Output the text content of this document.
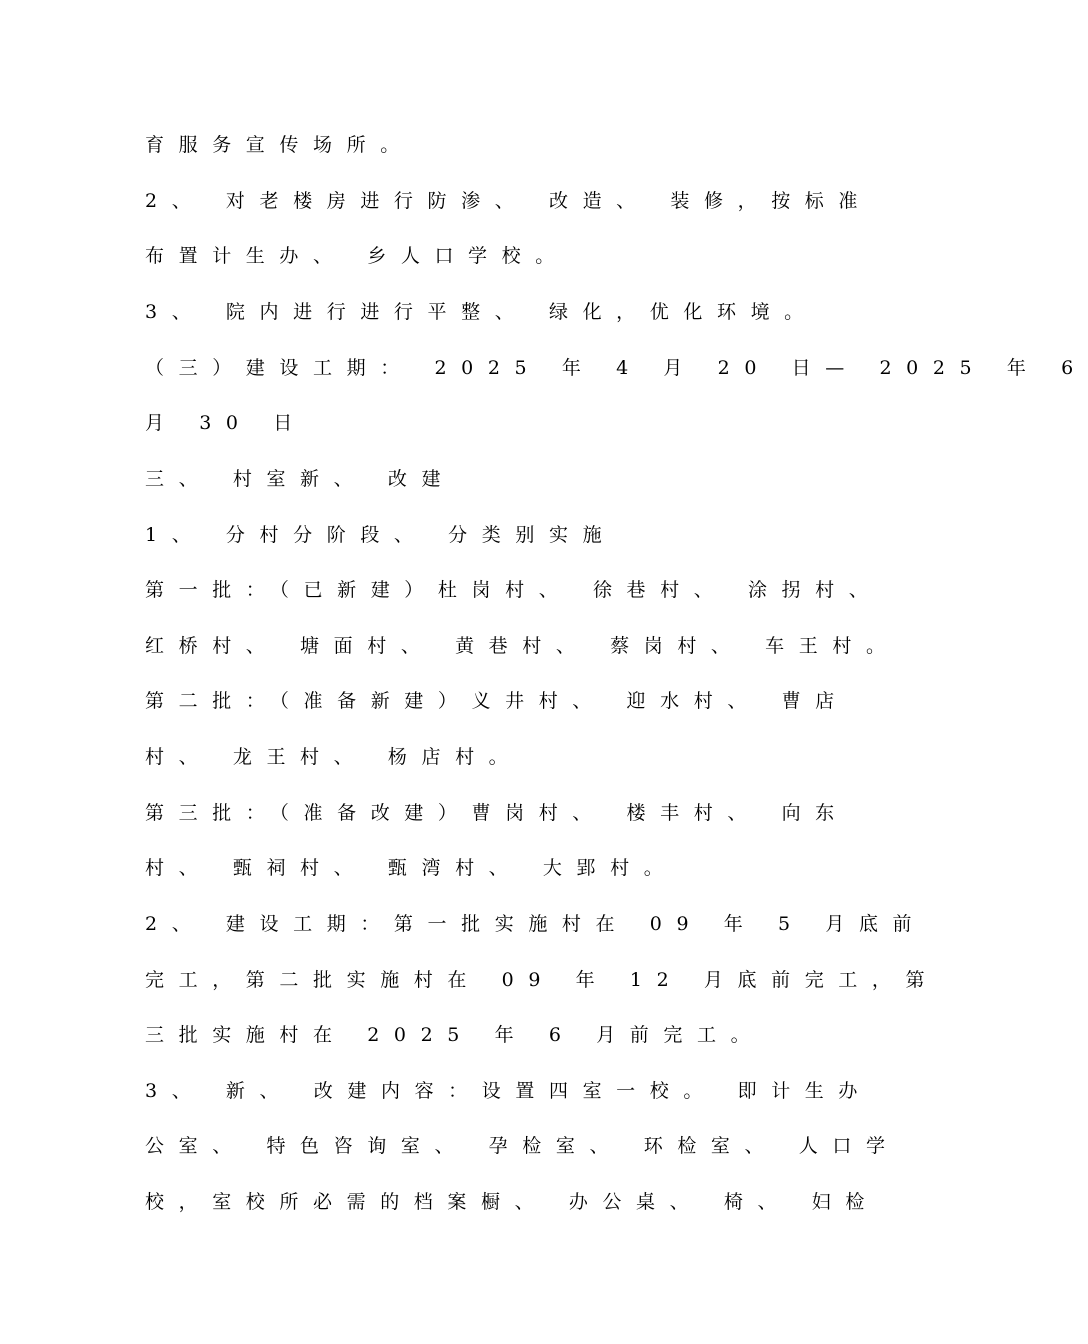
育服务宣传场所。
2、 对老楼房进行防渗、 改造、 装修，按标准
布置计生办、 乡人口学校。
3、 院内进行进行平整、 绿化，优化环境。
（三）建设工期： 2025 年 4 月 20 日— 2025 年 6
月 30 日
三、 村室新、 改建
1、 分村分阶段、 分类别实施
第一批：（已新建）杜岗村、 徐巷村、 涂拐村、
红桥村、 塘面村、 黄巷村、 蔡岗村、 车王村。
第二批：（准备新建）义井村、 迎水村、 曹店
村、 龙王村、 杨店村。
第三批：（准备改建）曹岗村、 楼丰村、 向东
村、 甄祠村、 甄湾村、 大郢村。
2、 建设工期：第一批实施村在 09 年 5 月底前
完工，第二批实施村在 09 年 12 月底前完工，第
三批实施村在 2025 年 6 月前完工。
3、 新、 改建内容：设置四室一校。 即计生办
公室、 特色咨询室、 孕检室、 环检室、 人口学
校，室校所必需的档案橱、 办公桌、 椅、 妇检
